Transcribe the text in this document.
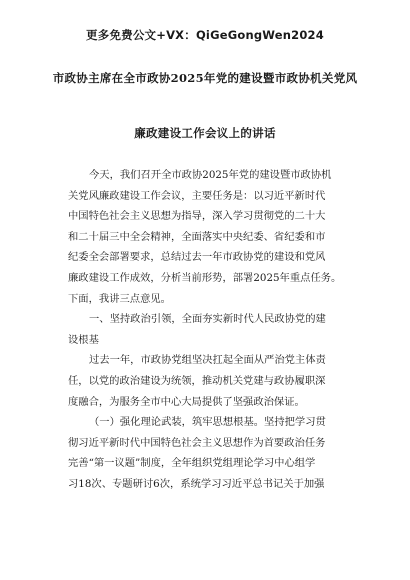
更多免费公文+VX：QiGeGongWen2024
市政协主席在全市政协2025年党的建设暨市政协机关党风
廉政建设工作会议上的讲话
今天，我们召开全市政协2025年党的建设暨市政协机
关党风廉政建设工作会议，主要任务是：以习近平新时代
中国特色社会主义思想为指导，深入学习贯彻党的二十大
和二十届三中全会精神，全面落实中央纪委、省纪委和市
纪委全会部署要求，总结过去一年市政协党的建设和党风
廉政建设工作成效，分析当前形势，部署2025年重点任务。
下面，我讲三点意见。
一、坚持政治引领，全面夯实新时代人民政协党的建
设根基
过去一年，市政协党组坚决扛起全面从严治党主体责
任，以党的政治建设为统领，推动机关党建与政协履职深
度融合，为服务全市中心大局提供了坚强政治保证。
（一）强化理论武装，筑牢思想根基。坚持把学习贯
彻习近平新时代中国特色社会主义思想作为首要政治任务
完善“第一议题”制度，全年组织党组理论学习中心组学
习18次、专题研讨6次，系统学习习近平总书记关于加强
